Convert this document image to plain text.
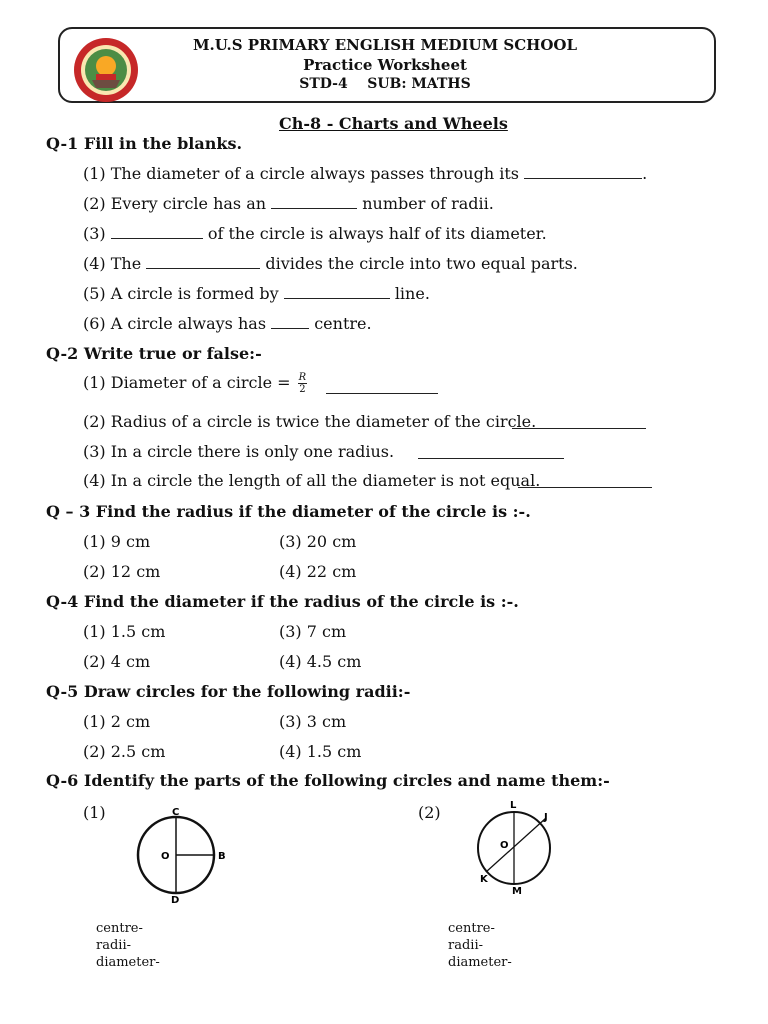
M.U.S PRIMARY ENGLISH MEDIUM SCHOOL
Practice Worksheet
STD-4 SUB: MATHS
Ch-8 - Charts and Wheels
Q-1 Fill in the blanks.
(1) The diameter of a circle always passes through its	.
(2) Every circle has an	number of radii.
(3)	of the circle is always half of its diameter.
(4) The	divides the circle into two equal parts.
(5) A circle is formed by	line.
(6) A circle always has	centre.
Q-2 Write true or false:-
(1) Diameter of a circle = $\frac{R}{2}$
(2) Radius of a circle is twice the diameter of the circle.
(3) In a circle there is only one radius.
(4) In a circle the length of all the diameter is not equal.
Q – 3 Find the radius if the diameter of the circle is :-.
(1) 9 cm	(3) 20 cm
(2) 12 cm	(4) 22 cm
Q-4 Find the diameter if the radius of the circle is :-.
(1) 1.5 cm	(3) 7 cm
(2) 4 cm	(4) 4.5 cm
Q-5 Draw circles for the following radii:-
(1) 2 cm	(3) 3 cm
(2) 2.5 cm	(4) 1.5 cm
Q-6 Identify the parts of the following circles and name them:-
(1)	(2)
C
O	B
D
L
J
O
K
M
centre-
radii-
diameter-
centre-
radii-
diameter-
